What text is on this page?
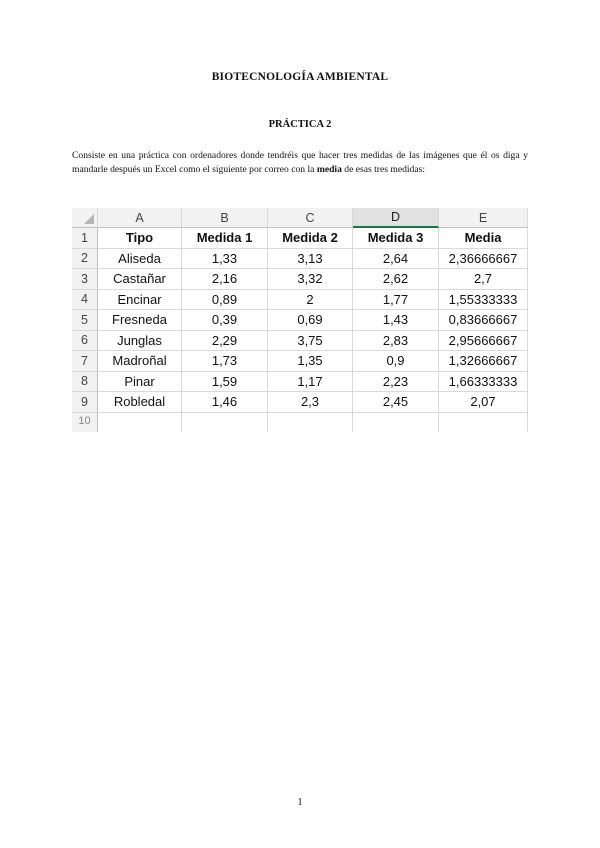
BIOTECNOLOGÍA AMBIENTAL
PRÁCTICA 2

Consiste en una práctica con ordenadores donde tendréis que hacer tres medidas de las imágenes que él os diga y mandarle después un Excel como el siguiente por correo con la media de esas tres medidas:

A	B	C	D	E
1	Tipo	Medida 1	Medida 2	Medida 3	Media
2	Aliseda	1,33	3,13	2,64	2,36666667
3	Castañar	2,16	3,32	2,62	2,7
4	Encinar	0,89	2	1,77	1,55333333
5	Fresneda	0,39	0,69	1,43	0,83666667
6	Junglas	2,29	3,75	2,83	2,95666667
7	Madroñal	1,73	1,35	0,9	1,32666667
8	Pinar	1,59	1,17	2,23	1,66333333
9	Robledal	1,46	2,3	2,45	2,07
10
1
